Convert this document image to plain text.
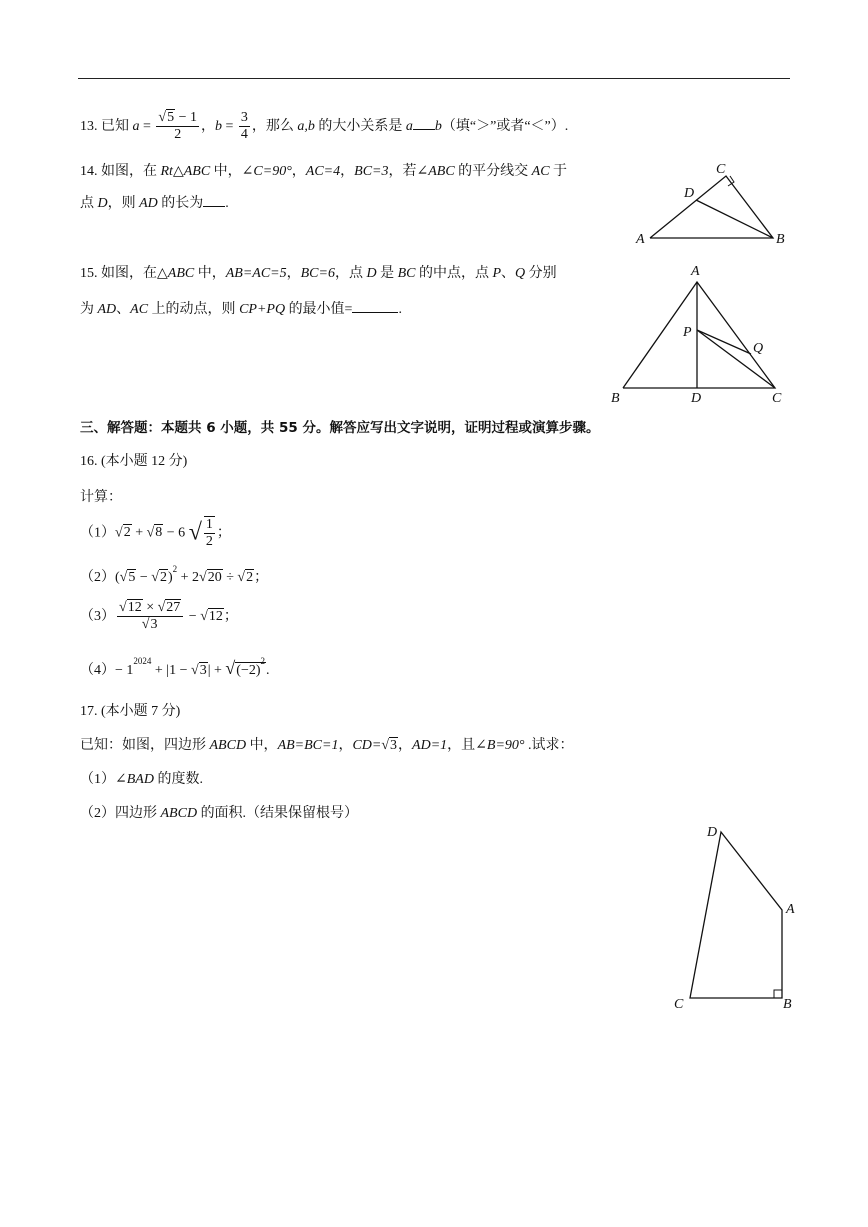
13. 已知 $a = \frac{√5 - 1}{2}$ ，$b = \frac{3}{4}$ ，那么 a,b 的大小关系是 a b（填“＞”或者“＜”）.
14. 如图，在 Rt△ABC 中，∠C=90°，AC=4，BC=3，若∠ABC 的平分线交 AC 于
点 D，则 AD 的长为 .
A	B
C
D
15. 如图，在△ABC 中，AB=AC=5，BC=6，点 D 是 BC 的中点，点 P、Q 分别
为 AD、AC 上的动点，则 CP+PQ 的最小值=	.
A
B	C
D
P
Q
三、解答题：本题共 6 小题，共 55 分。解答应写出文字说明，证明过程或演算步骤。
16. (本小题 12 分)
计算：
（1）√2 + √8 − 6 √ $\frac{1}{2}$ ；
$(2)(√5 - √2)^2 + 2√20 \div √2$；
$(3) \frac{√12 \times √27}{√3} - √12$；
$(4)- 1^{2024} + |1 - √3| + √(-2)^2$.
17. (本小题 7 分)
已知：如图，四边形 ABCD 中，AB=BC=1，CD=√3，AD=1，且∠B=90° .试求：
（1）∠BAD 的度数.
（2）四边形 ABCD 的面积.（结果保留根号）
D
A
B
C
